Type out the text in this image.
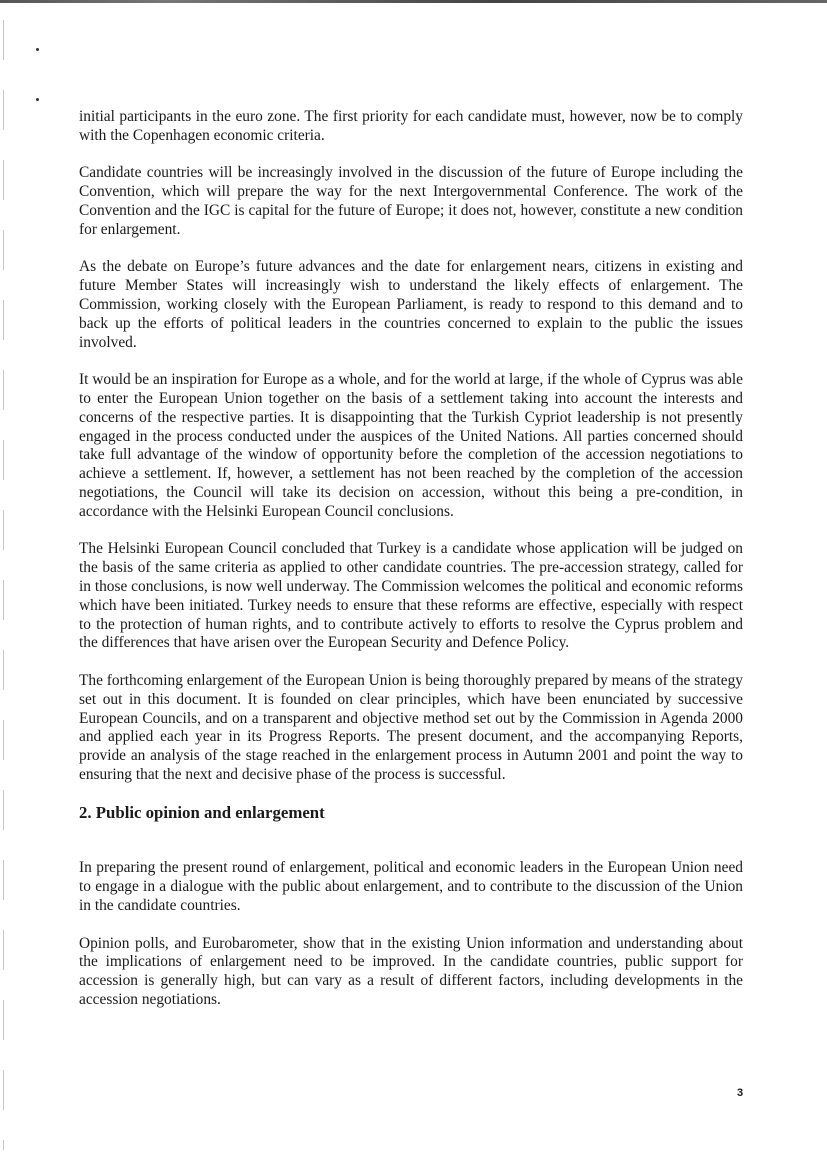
initial participants in the euro zone. The first priority for each candidate must, however, now be to comply with the Copenhagen economic criteria.

Candidate countries will be increasingly involved in the discussion of the future of Europe including the Convention, which will prepare the way for the next Intergovernmental Conference. The work of the Convention and the IGC is capital for the future of Europe; it does not, however, constitute a new condition for enlargement.

As the debate on Europe’s future advances and the date for enlargement nears, citizens in existing and future Member States will increasingly wish to understand the likely effects of enlargement. The Commission, working closely with the European Parliament, is ready to respond to this demand and to back up the efforts of political leaders in the countries concerned to explain to the public the issues involved.

It would be an inspiration for Europe as a whole, and for the world at large, if the whole of Cyprus was able to enter the European Union together on the basis of a settlement taking into account the interests and concerns of the respective parties. It is disappointing that the Turkish Cypriot leadership is not presently engaged in the process conducted under the auspices of the United Nations. All parties concerned should take full advantage of the window of opportunity before the completion of the accession negotiations to achieve a settlement. If, however, a settlement has not been reached by the completion of the accession negotiations, the Council will take its decision on accession, without this being a pre-condition, in accordance with the Helsinki European Council conclusions.

The Helsinki European Council concluded that Turkey is a candidate whose application will be judged on the basis of the same criteria as applied to other candidate countries. The pre-accession strategy, called for in those conclusions, is now well underway. The Commission welcomes the political and economic reforms which have been initiated. Turkey needs to ensure that these reforms are effective, especially with respect to the protection of human rights, and to contribute actively to efforts to resolve the Cyprus problem and the differences that have arisen over the European Security and Defence Policy.

The forthcoming enlargement of the European Union is being thoroughly prepared by means of the strategy set out in this document. It is founded on clear principles, which have been enunciated by successive European Councils, and on a transparent and objective method set out by the Commission in Agenda 2000 and applied each year in its Progress Reports. The present document, and the accompanying Reports, provide an analysis of the stage reached in the enlargement process in Autumn 2001 and point the way to ensuring that the next and decisive phase of the process is successful.

2. Public opinion and enlargement

In preparing the present round of enlargement, political and economic leaders in the European Union need to engage in a dialogue with the public about enlargement, and to contribute to the discussion of the Union in the candidate countries.

Opinion polls, and Eurobarometer, show that in the existing Union information and understanding about the implications of enlargement need to be improved. In the candidate countries, public support for accession is generally high, but can vary as a result of different factors, including developments in the accession negotiations.

3
